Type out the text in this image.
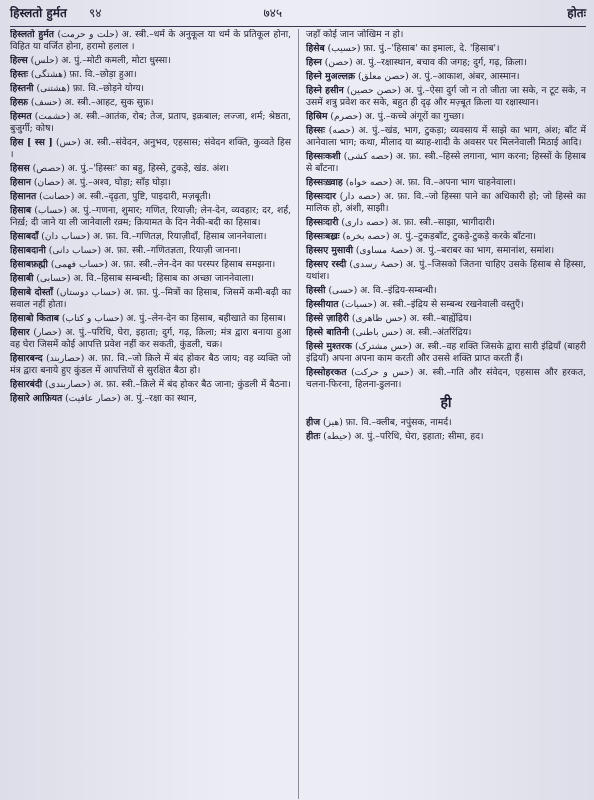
हिस्लतो हुर्मत ९४	७४५	होतः
हिस्लतो हुर्मत (حلت و حرمت) अ. स्त्री.–धर्म के अनुकूल या धर्म के प्रतिकूल होना, विहित या वर्जित होना, हरामो हलाल ।
हिल्स (حلس) अ. पुं.–मोटी कमली, मोटा धुस्सा।
हिस्तः (هشتگی) फ़ा. वि.–छोड़ा हुआ।
हिस्तनी (هشتنی) फ़ा. वि.–छोड़ने योग्य।
हिस्फ़ (حسف) अ. स्त्री.–आहट, सुक सुफ़।
हिस्मत (حشمت) अ. स्त्री.–आतंक, रोब; तेज, प्रताप, इक़बाल; लज्जा, शर्म; श्रेष्ठता, बुजुर्गी; कोष।
हिस [ स्स ] (حس) अ. स्त्री.–संवेदन, अनुभव, एहसास; संवेदन शक्ति, कुव्वते हिस ।
हिसस (حصص) अ. पुं.–'हिस्सः' का बहु, हिस्से, टुकड़े, खंड. अंश।
हिसान (حصان) अ. पुं.–अश्व, घोड़ा; साँड़ घोड़ा।
हिसानत (حصانت) अ. स्त्री.–दृढ़ता, पुष्टि, पाइदारी, मज़बूती।
हिसाब (حساب) अ. पुं.–गणना, शुमार; गणित, रियाज़ी; लेन-देन, व्यवहार; दर, शर्ह, निर्ख़; दी जाने या ली जानेवाली रक़्म; क़ियामत के दिन नेकी-बदी का हिसाब।
हिसाबदाँ (حساب دان) अ. फ़ा. वि.–गणितज्ञ, रियाज़ीदाँ, हिसाब जाननेवाला।
हिसाबदानी (حساب دانی) अ. फ़ा. स्त्री.–गणितज्ञता, रियाज़ी जानना।
हिसाबफ़ह्मी (حساب فهمی) अ. फ़ा. स्त्री.–लेन-देन का परस्पर हिसाब समझना।
हिसाबी (حسابی) अ. वि.–हिसाब सम्बन्धी; हिसाब का अच्छा जाननेवाला।
हिसाबे दोस्ताँ (حساب دوستاں) अ. फ़ा. पुं.–मित्रों का हिसाब, जिसमें कमी-बढ़ी का सवाल नहीं होता।
हिसाबो किताब (حساب و کتاب) अ. पुं.–लेन-देन का हिसाब, बहीखाते का हिसाब।
हिसार (حصار) अ. पुं.–परिधि, घेरा, इहाता; दुर्ग, गढ़, क़िला; मंत्र द्वारा बनाया हुआ वह घेरा जिसमें कोई आपत्ति प्रवेश नहीं कर सकती, कुंडली, चक्र।
हिसारबन्द (حصاربند) अ. फ़ा. वि.–जो क़िले में बंद होकर बैठ जाय; वह व्यक्ति जो मंत्र द्वारा बनाये हुए कुंडल में आपत्तियों से सुरक्षित बैठा हो।
हिसारबंदी (حصاربندی) अ. फ़ा. स्त्री.–क़िले में बंद होकर बैठ जाना; कुंडली में बैठना।
हिसारे आफ़ियत (حصار عافیت) अ. पुं.–रक्षा का स्थान,
जहाँ कोई जान जोखिम न हो।
हिसेब (حسیب) फ़ा. पुं.–'हिसाब' का इमालः, दे. 'हिसाब'।
हिस्न (حصن) अ. पुं.–रक्षास्थान, बचाव की जगह; दुर्ग, गढ़, क़िला।
हिस्ने मुअल्लक़ (حصن معلق) अ. पुं.–आकाश, अंबर, आस्मान।
हिस्ने हसीन (حصن حصین) अ. पुं.–ऐसा दुर्ग जो न तो जीता जा सके, न टूट सके, न उसमें शत्रु प्रवेश कर सके, बहुत ही दृढ़ और मज़्बूत क़िला या रक्षास्थान।
हिस्रिम (حصرم) अ. पुं.–कच्चे अंगूरों का गुच्छा।
हिस्सः (حصه) अ. पुं.–खंड, भाग, टुकड़ा; व्यवसाय में साझे का भाग, अंश; बाँट में आनेवाला भाग; कथा, मीलाद या ब्याह-शादी के अवसर पर मिलनेवाली मिठाई आदि।
हिस्सःकशी (حصه کشی) अ. फ़ा. स्त्री.–हिस्से लगाना, भाग करना; हिस्सों के हिसाब से बाँटना।
हिस्सःख़्वाह (حصه خواه) अ. फ़ा. वि.–अपना भाग चाहनेवाला।
हिस्सःदार (حصه دار) अ. फ़ा. वि.–जो हिस्सा पाने का अधिकारी हो; जो हिस्से का मालिक हो, अंशी, साझी।
हिस्सःदारी (حصه داری) अ. फ़ा. स्त्री.–साझा, भागीदारी।
हिस्सःबख़्रः (حصه بخره) अ. पुं.–टुकड़बाँट, टुकड़े-टुकड़े करके बाँटना।
हिस्सए मुसावी (حصۂ مساوی) अ. पुं.–बराबर का भाग, समानांश, समांश।
हिस्सए रस्दी (حصۂ رسدی) अ. पुं.–जिसको जितना चाहिए उसके हिसाब से हिस्सा, यथांश।
हिस्सी (حسی) अ. वि.–इंद्रिय-सम्बन्धी।
हिस्सीयात (حسیات) अ. स्त्री.–इंद्रिय से सम्बन्ध रखनेवाली वस्तुएँ।
हिस्से ज़ाहिरी (حس ظاهری) अ. स्त्री.–बाह्येंद्रिय।
हिस्से बातिनी (حس باطنی) अ. स्त्री.–अंतरिंद्रिय।
हिस्से मुश्तरक (حس مشترک) अ. स्त्री.–वह शक्ति जिसके द्वारा सारी इंद्रियाँ (बाहरी इंद्रियाँ) अपना अपना काम करती और उससे शक्ति प्राप्त करती हैं।
हिस्सोहरकत (حس و حرکت) अ. स्त्री.–गति और संवेदन, एहसास और हरकत, चलना-फिरना, हिलना-डुलना।
ही
हीज (هیز) फ़ा. वि.–क्लीब, नपुंसक, नामर्द।
हीतः (حیطه) अ. पुं.–परिधि, घेरा, इहाता; सीमा, हद।
